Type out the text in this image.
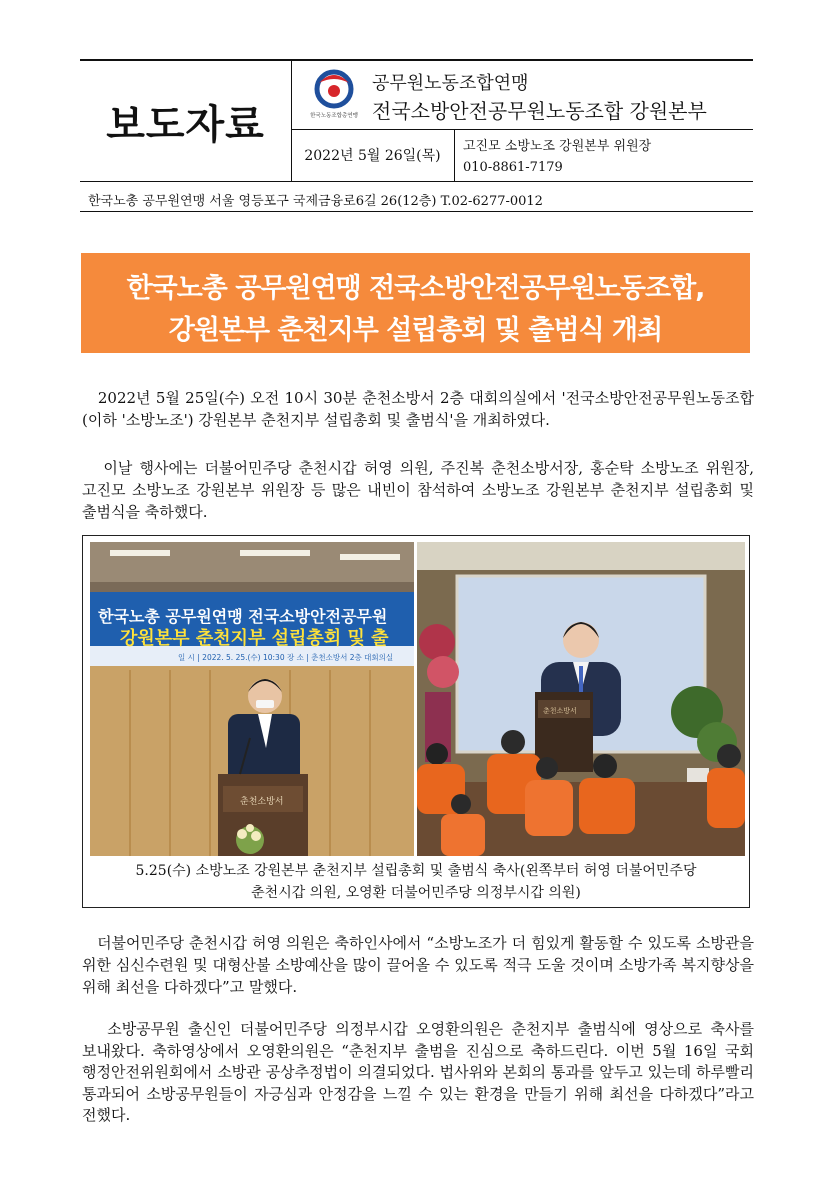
보도자료	한국노동조합총연맹
공무원노동조합연맹
전국소방안전공무원노동조합 강원본부
2022년 5월 26일(목)
고진모 소방노조 강원본부 위원장
010-8861-7179
한국노총 공무원연맹 서울 영등포구 국제금융로6길 26(12층) T.02-6277-0012
한국노총 공무원연맹 전국소방안전공무원노동조합,
강원본부 춘천지부 설립총회 및 출범식 개최
2022년 5월 25일(수) 오전 10시 30분 춘천소방서 2층 대회의실에서 '전국소방안전공무원노동조합(이하 '소방노조') 강원본부 춘천지부 설립총회 및 출범식'을 개최하였다.
이날 행사에는 더불어민주당 춘천시갑 허영 의원, 주진복 춘천소방서장, 홍순탁 소방노조 위원장, 고진모 소방노조 강원본부 위원장 등 많은 내빈이 참석하여 소방노조 강원본부 춘천지부 설립총회 및 출범식을 축하했다.
한국노총 공무원연맹 전국소방안전공무원
강원본부 춘천지부 설립총회 및 출
일 시 | 2022. 5. 25.(수) 10:30 장 소 | 춘천소방서 2층 대회의실
춘천소방서
춘천소방서
5.25(수) 소방노조 강원본부 춘천지부 설립총회 및 출범식 축사(왼쪽부터 허영 더불어민주당
춘천시갑 의원, 오영환 더불어민주당 의정부시갑 의원)
더불어민주당 춘천시갑 허영 의원은 축하인사에서 “소방노조가 더 힘있게 활동할 수 있도록 소방관을 위한 심신수련원 및 대형산불 소방예산을 많이 끌어올 수 있도록 적극 도울 것이며 소방가족 복지향상을 위해 최선을 다하겠다”고 말했다.
소방공무원 출신인 더불어민주당 의정부시갑 오영환의원은 춘천지부 출범식에 영상으로 축사를 보내왔다. 축하영상에서 오영환의원은 “춘천지부 출범을 진심으로 축하드린다. 이번 5월 16일 국회 행정안전위원회에서 소방관 공상추정법이 의결되었다. 법사위와 본회의 통과를 앞두고 있는데 하루빨리 통과되어 소방공무원들이 자긍심과 안정감을 느낄 수 있는 환경을 만들기 위해 최선을 다하겠다”라고 전했다.
